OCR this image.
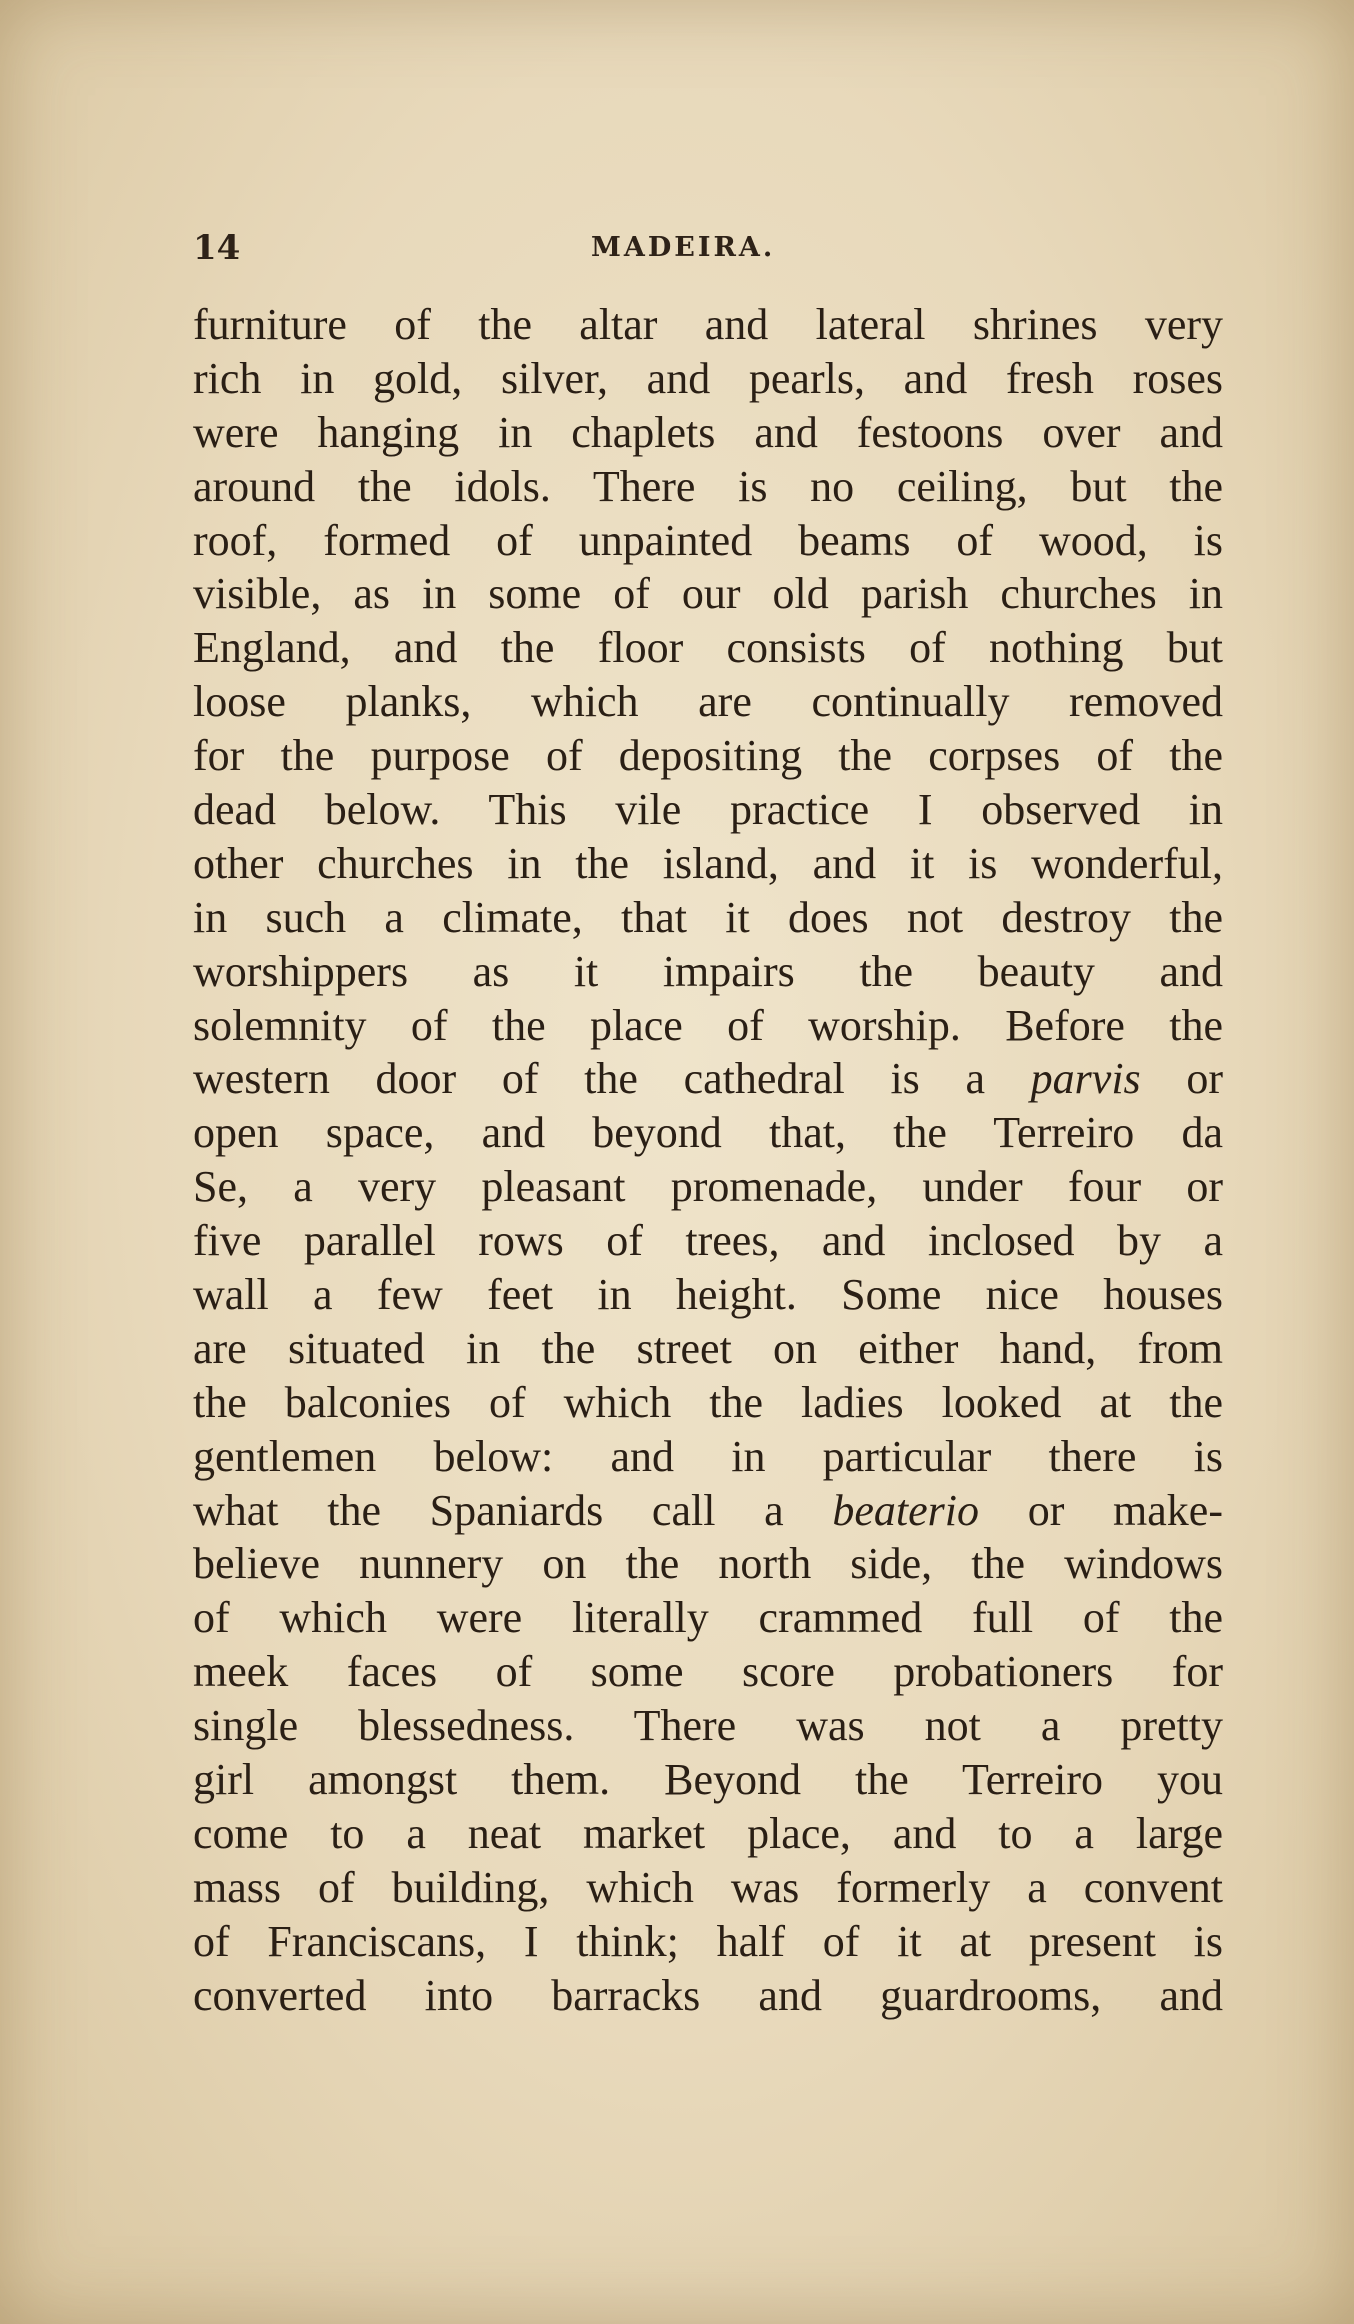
14	MADEIRA.
furniture of the altar and lateral shrines very
rich in gold, silver, and pearls, and fresh roses
were hanging in chaplets and festoons over and
around the idols. There is no ceiling, but the
roof, formed of unpainted beams of wood, is
visible, as in some of our old parish churches in
England, and the floor consists of nothing but
loose planks, which are continually removed
for the purpose of depositing the corpses of the
dead below. This vile practice I observed in
other churches in the island, and it is wonderful,
in such a climate, that it does not destroy the
worshippers as it impairs the beauty and
solemnity of the place of worship. Before the
western door of the cathedral is a parvis or
open space, and beyond that, the Terreiro da
Se, a very pleasant promenade, under four or
five parallel rows of trees, and inclosed by a
wall a few feet in height. Some nice houses
are situated in the street on either hand, from
the balconies of which the ladies looked at the
gentlemen below: and in particular there is
what the Spaniards call a beaterio or make-
believe nunnery on the north side, the windows
of which were literally crammed full of the
meek faces of some score probationers for
single blessedness. There was not a pretty
girl amongst them. Beyond the Terreiro you
come to a neat market place, and to a large
mass of building, which was formerly a convent
of Franciscans, I think; half of it at present is
converted into barracks and guardrooms, and
